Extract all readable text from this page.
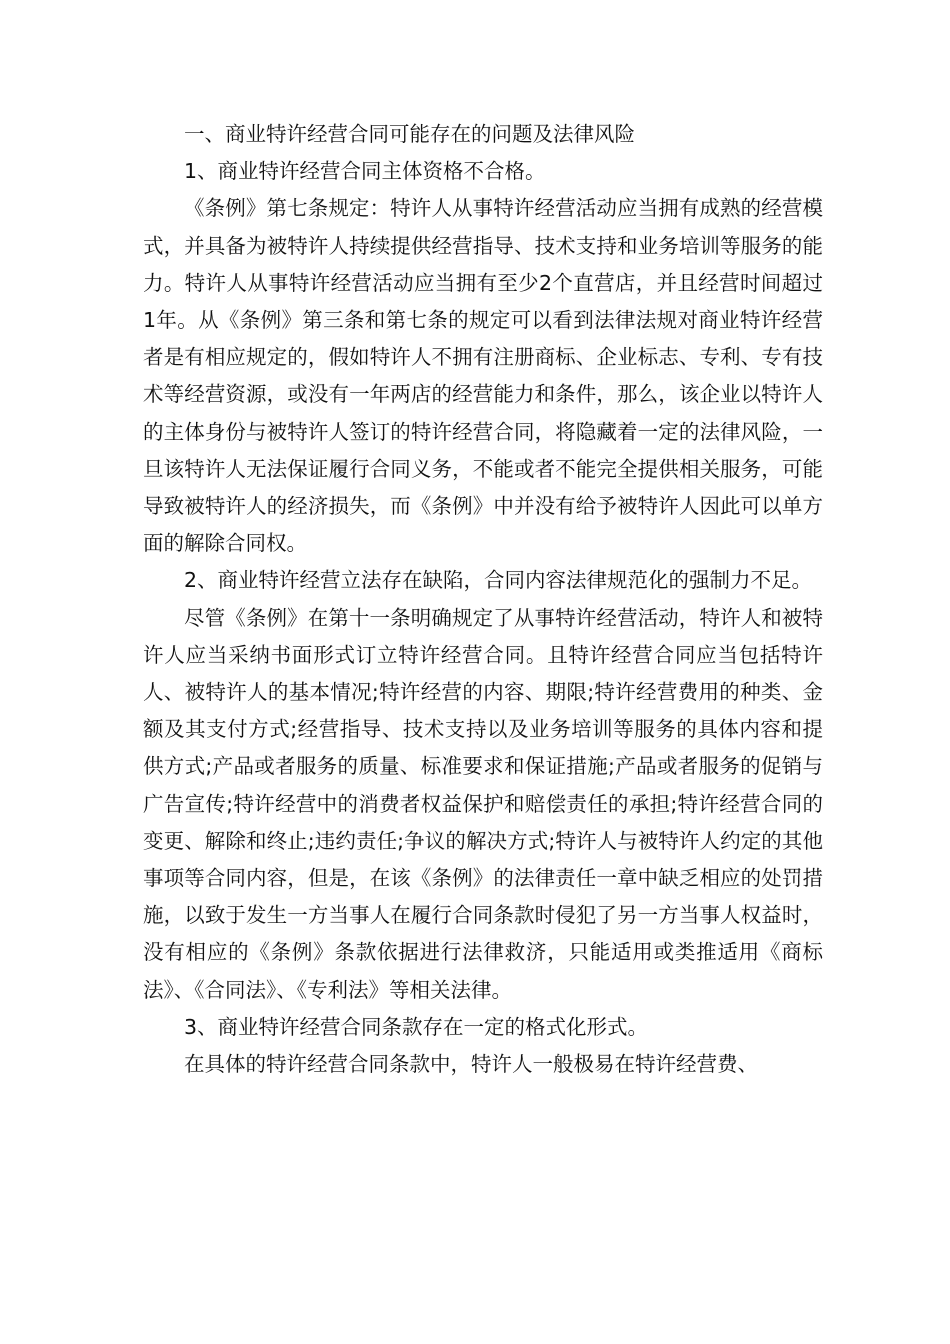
一、商业特许经营合同可能存在的问题及法律风险

1、商业特许经营合同主体资格不合格。

《条例》第七条规定：特许人从事特许经营活动应当拥有成熟的经营模式，并具备为被特许人持续提供经营指导、技术支持和业务培训等服务的能力。特许人从事特许经营活动应当拥有至少2个直营店，并且经营时间超过1年。从《条例》第三条和第七条的规定可以看到法律法规对商业特许经营者是有相应规定的，假如特许人不拥有注册商标、企业标志、专利、专有技术等经营资源，或没有一年两店的经营能力和条件，那么，该企业以特许人的主体身份与被特许人签订的特许经营合同，将隐藏着一定的法律风险，一旦该特许人无法保证履行合同义务，不能或者不能完全提供相关服务，可能导致被特许人的经济损失，而《条例》中并没有给予被特许人因此可以单方面的解除合同权。

2、商业特许经营立法存在缺陷，合同内容法律规范化的强制力不足。

尽管《条例》在第十一条明确规定了从事特许经营活动，特许人和被特许人应当采纳书面形式订立特许经营合同。且特许经营合同应当包括特许人、被特许人的基本情况;特许经营的内容、期限;特许经营费用的种类、金额及其支付方式;经营指导、技术支持以及业务培训等服务的具体内容和提供方式;产品或者服务的质量、标准要求和保证措施;产品或者服务的促销与广告宣传;特许经营中的消费者权益保护和赔偿责任的承担;特许经营合同的变更、解除和终止;违约责任;争议的解决方式;特许人与被特许人约定的其他事项等合同内容，但是，在该《条例》的法律责任一章中缺乏相应的处罚措施，以致于发生一方当事人在履行合同条款时侵犯了另一方当事人权益时，没有相应的《条例》条款依据进行法律救济，只能适用或类推适用《商标法》、《合同法》、《专利法》等相关法律。

3、商业特许经营合同条款存在一定的格式化形式。

在具体的特许经营合同条款中，特许人一般极易在特许经营费、
